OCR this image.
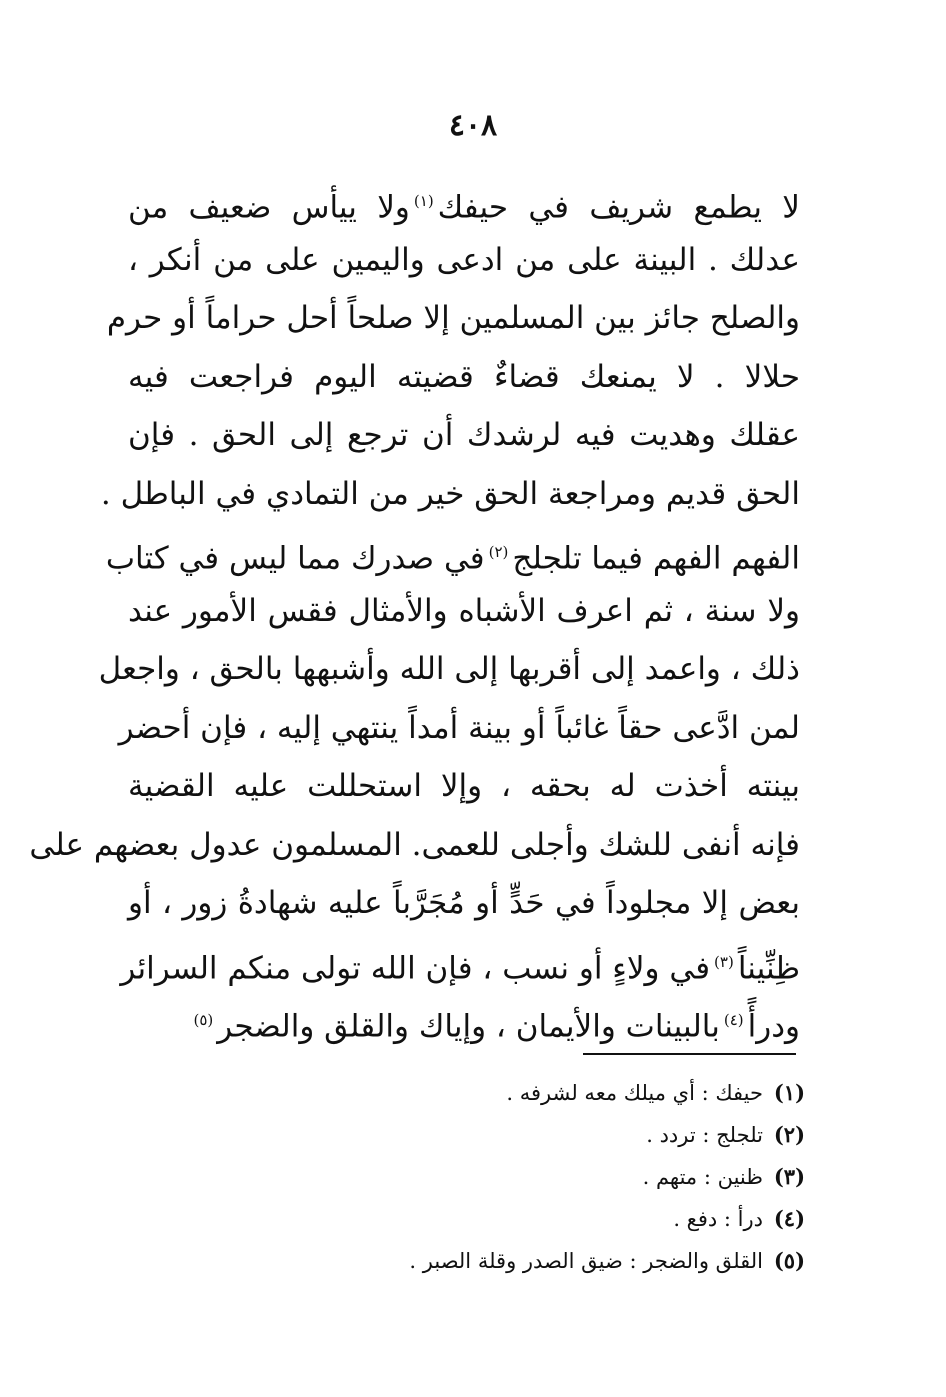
٤٠٨
لا يطمع شريف في حيفك$^{(١)}$ولا ييأس ضعيف من
عدلك . البينة على من ادعى واليمين على من أنكر ،
والصلح جائز بين المسلمين إلا صلحاً أحل حراماً أو حرم
حلالا . لا يمنعك قضاءٌ قضيته اليوم فراجعت فيه
عقلك وهديت فيه لرشدك أن ترجع إلى الحق . فإن
الحق قديم ومراجعة الحق خير من التمادي في الباطل .
الفهم الفهم فيما تلجلج$^{(٢)}$في صدرك مما ليس في كتاب
ولا سنة ، ثم اعرف الأشباه والأمثال فقس الأمور عند
ذلك ، واعمد إلى أقربها إلى الله وأشبهها بالحق ، واجعل
لمن ادَّعى حقاً غائباً أو بينة أمداً ينتهي إليه ، فإن أحضر
بينته أخذت له بحقه ، وإلا استحللت عليه القضية
فإنه أنفى للشك وأجلى للعمى. المسلمون عدول بعضهم على
بعض إلا مجلوداً في حَدٍّ أو مُجَرَّباً عليه شهادةُ زور ، أو
ظِنِّيناً$^{(٣)}$في ولاءٍ أو نسب ، فإن الله تولى منكم السرائر
ودرأً$^{(٤)}$بالبينات والأيمان ، وإياك والقلق والضجر$^{(٥)}$
(١)حيفك : أي ميلك معه لشرفه .
(٢)تلجلج : تردد .
(٣)ظنين : متهم .
(٤)درأ : دفع .
(٥)القلق والضجر : ضيق الصدر وقلة الصبر .
